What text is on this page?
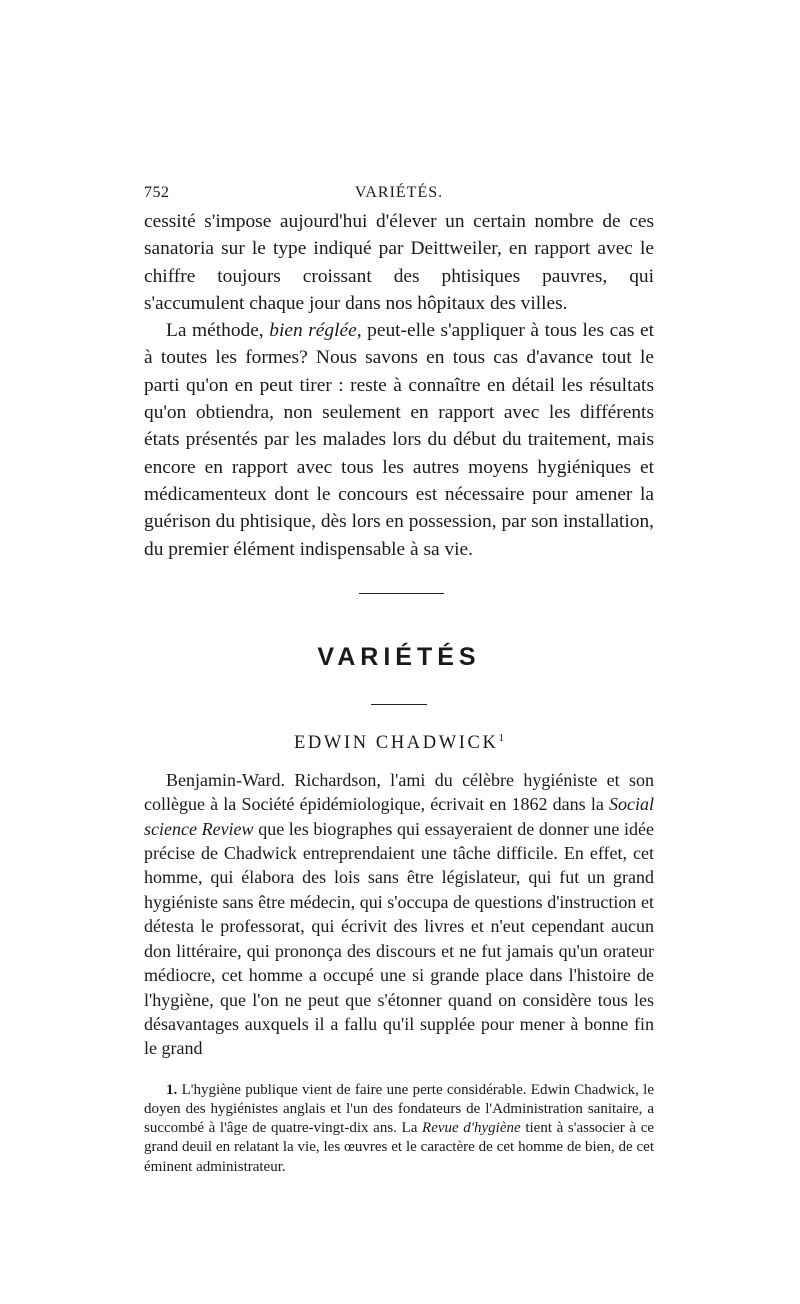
752	VARIÉTÉS.

cessité s'impose aujourd'hui d'élever un certain nombre de ces sanatoria sur le type indiqué par Deittweiler, en rapport avec le chiffre toujours croissant des phtisiques pauvres, qui s'accumulent chaque jour dans nos hôpitaux des villes.

La méthode, bien réglée, peut-elle s'appliquer à tous les cas et à toutes les formes? Nous savons en tous cas d'avance tout le parti qu'on en peut tirer : reste à connaître en détail les résultats qu'on obtiendra, non seulement en rapport avec les différents états présentés par les malades lors du début du traitement, mais encore en rapport avec tous les autres moyens hygiéniques et médicamenteux dont le concours est nécessaire pour amener la guérison du phtisique, dès lors en possession, par son installation, du premier élément indispensable à sa vie.

VARIÉTÉS
EDWIN CHADWICK$^1$

Benjamin-Ward. Richardson, l'ami du célèbre hygiéniste et son collègue à la Société épidémiologique, écrivait en 1862 dans la Social science Review que les biographes qui essayeraient de donner une idée précise de Chadwick entreprendaient une tâche difficile. En effet, cet homme, qui élabora des lois sans être législateur, qui fut un grand hygiéniste sans être médecin, qui s'occupa de questions d'instruction et détesta le professorat, qui écrivit des livres et n'eut cependant aucun don littéraire, qui prononça des discours et ne fut jamais qu'un orateur médiocre, cet homme a occupé une si grande place dans l'histoire de l'hygiène, que l'on ne peut que s'étonner quand on considère tous les désavantages auxquels il a fallu qu'il supplée pour mener à bonne fin le grand

1. L'hygiène publique vient de faire une perte considérable. Edwin Chadwick, le doyen des hygiénistes anglais et l'un des fondateurs de l'Administration sanitaire, a succombé à l'âge de quatre-vingt-dix ans. La Revue d'hygiène tient à s'associer à ce grand deuil en relatant la vie, les œuvres et le caractère de cet homme de bien, de cet éminent administrateur.
